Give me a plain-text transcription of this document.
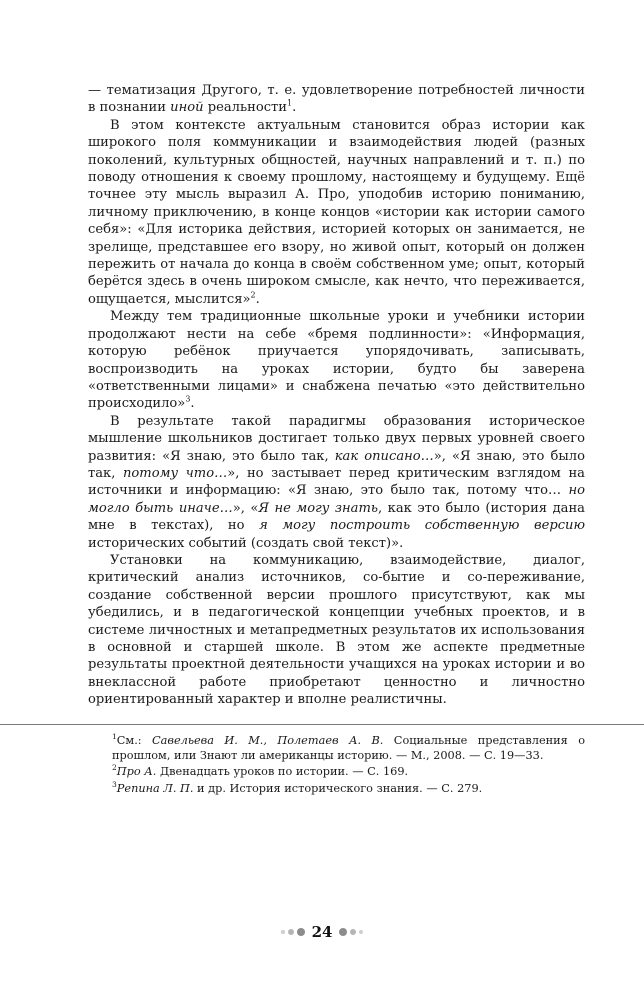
— тематизация Другого, т. е. удовлетворение потребностей личности в познании иной реальности$^1$.

В этом контексте актуальным становится образ истории как широкого поля коммуникации и взаимодействия людей (разных поколений, культурных общностей, научных направлений и т. п.) по поводу отношения к своему прошлому, настоящему и будущему. Ещё точнее эту мысль выразил А. Про, уподобив историю пониманию, личному приключению, в конце концов «истории как истории самого себя»: «Для историка действия, историей которых он занимается, не зрелище, представшее его взору, но живой опыт, который он должен пережить от начала до конца в своём собственном уме; опыт, который берётся здесь в очень широком смысле, как нечто, что переживается, ощущается, мыслится»$^2$.

Между тем традиционные школьные уроки и учебники истории продолжают нести на себе «бремя подлинности»: «Информация, которую ребёнок приучается упорядочивать, записывать, воспроизводить на уроках истории, будто бы заверена «ответственными лицами» и снабжена печатью «это действительно происходило»$^3$.

В результате такой парадигмы образования историческое мышление школьников достигает только двух первых уровней своего развития: «Я знаю, это было так, как описано…», «Я знаю, это было так, потому что…», но застывает перед критическим взглядом на источники и информацию: «Я знаю, это было так, потому что… но могло быть иначе…», «Я не могу знать, как это было (история дана мне в текстах), но я могу построить собственную версию исторических событий (создать свой текст)».

Установки на коммуникацию, взаимодействие, диалог, критический анализ источников, со-бытие и со-переживание, создание собственной версии прошлого присутствуют, как мы убедились, и в педагогической концепции учебных проектов, и в системе личностных и метапредметных результатов их использования в основной и старшей школе. В этом же аспекте предметные результаты проектной деятельности учащихся на уроках истории и во внеклассной работе приобретают ценностно и личностно ориентированный характер и вполне реалистичны.

$^1$См.: Савельева И. М., Полетаев А. В. Социальные представления о прошлом, или Знают ли американцы историю. — М., 2008. — С. 19—33.

$^2$Про А. Двенадцать уроков по истории. — С. 169.

$^3$Репина Л. П. и др. История исторического знания. — С. 279.

24
